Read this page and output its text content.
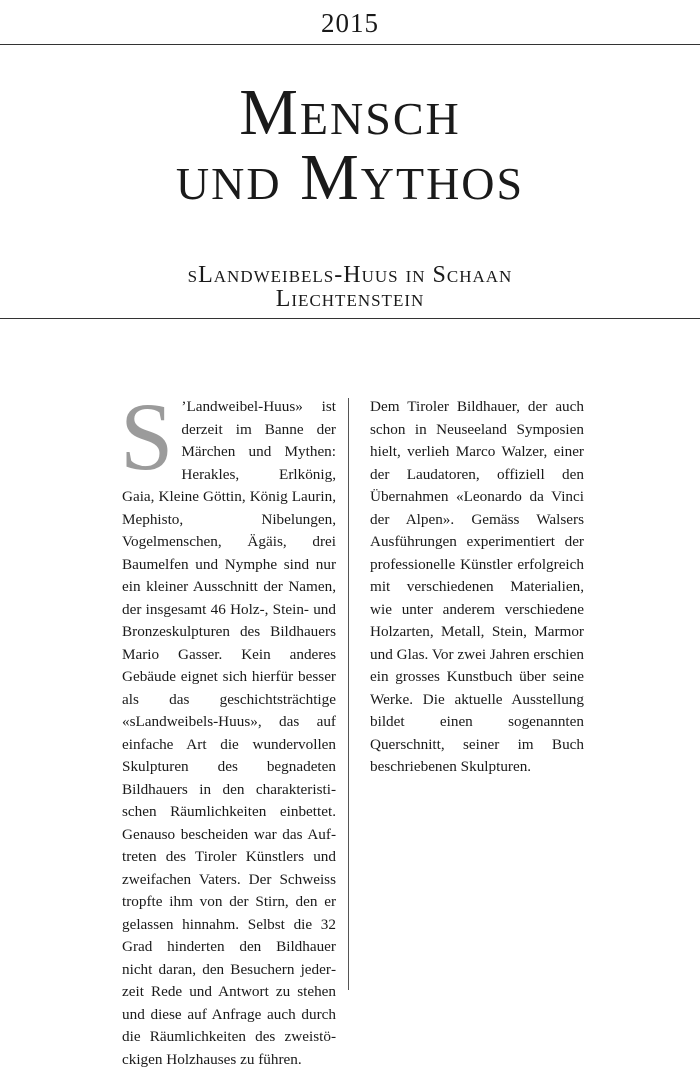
2015
Mensch
und Mythos
sLandweibels-Huus in Schaan
Liechtenstein
S ’Landweibel-Huus» ist derzeit im Banne der Märchen und Mythen: Herakles, Erlkönig, Gaia, Kleine Göttin, König Laurin, Mephisto, Nibelungen, Vogelmenschen, Ägäis, drei Baumelfen und Nymphe sind nur ein kleiner Ausschnitt der Namen, der insgesamt 46 Holz-, Stein- und Bronzeskulpturen des Bildhauers Mario Gasser. Kein anderes Gebäude eignet sich hierfür besser als das geschichtsträchtige «sLandweibels-Huus», das auf einfache Art die wundervollen Skulpturen des begnadeten Bildhauers in den charakteristischen Räumlichkeiten einbettet. Genauso bescheiden war das Auftreten des Tiroler Künstlers und zweifachen Vaters. Der Schweiss tropfte ihm von der Stirn, den er gelassen hinnahm. Selbst die 32 Grad hinderten den Bildhauer nicht daran, den Besuchern jederzeit Rede und Antwort zu stehen und diese auf Anfrage auch durch die Räumlichkeiten des zweistöckigen Holzhauses zu führen.

Dem Tiroler Bildhauer, der auch schon in Neuseeland Symposien hielt, verlieh Marco Walzer, einer der Laudatoren, offiziell den Übernahmen «Leonardo da Vinci der Alpen». Gemäss Walsers Ausführungen experimentiert der professionelle Künstler erfolgreich mit verschiedenen Materialien, wie unter anderem verschiedene Holzarten, Metall, Stein, Marmor und Glas. Vor zwei Jahren erschien ein grosses Kunstbuch über seine Werke. Die aktuelle Ausstellung bildet einen sogenannten Querschnitt, seiner im Buch beschriebenen Skulpturen.
